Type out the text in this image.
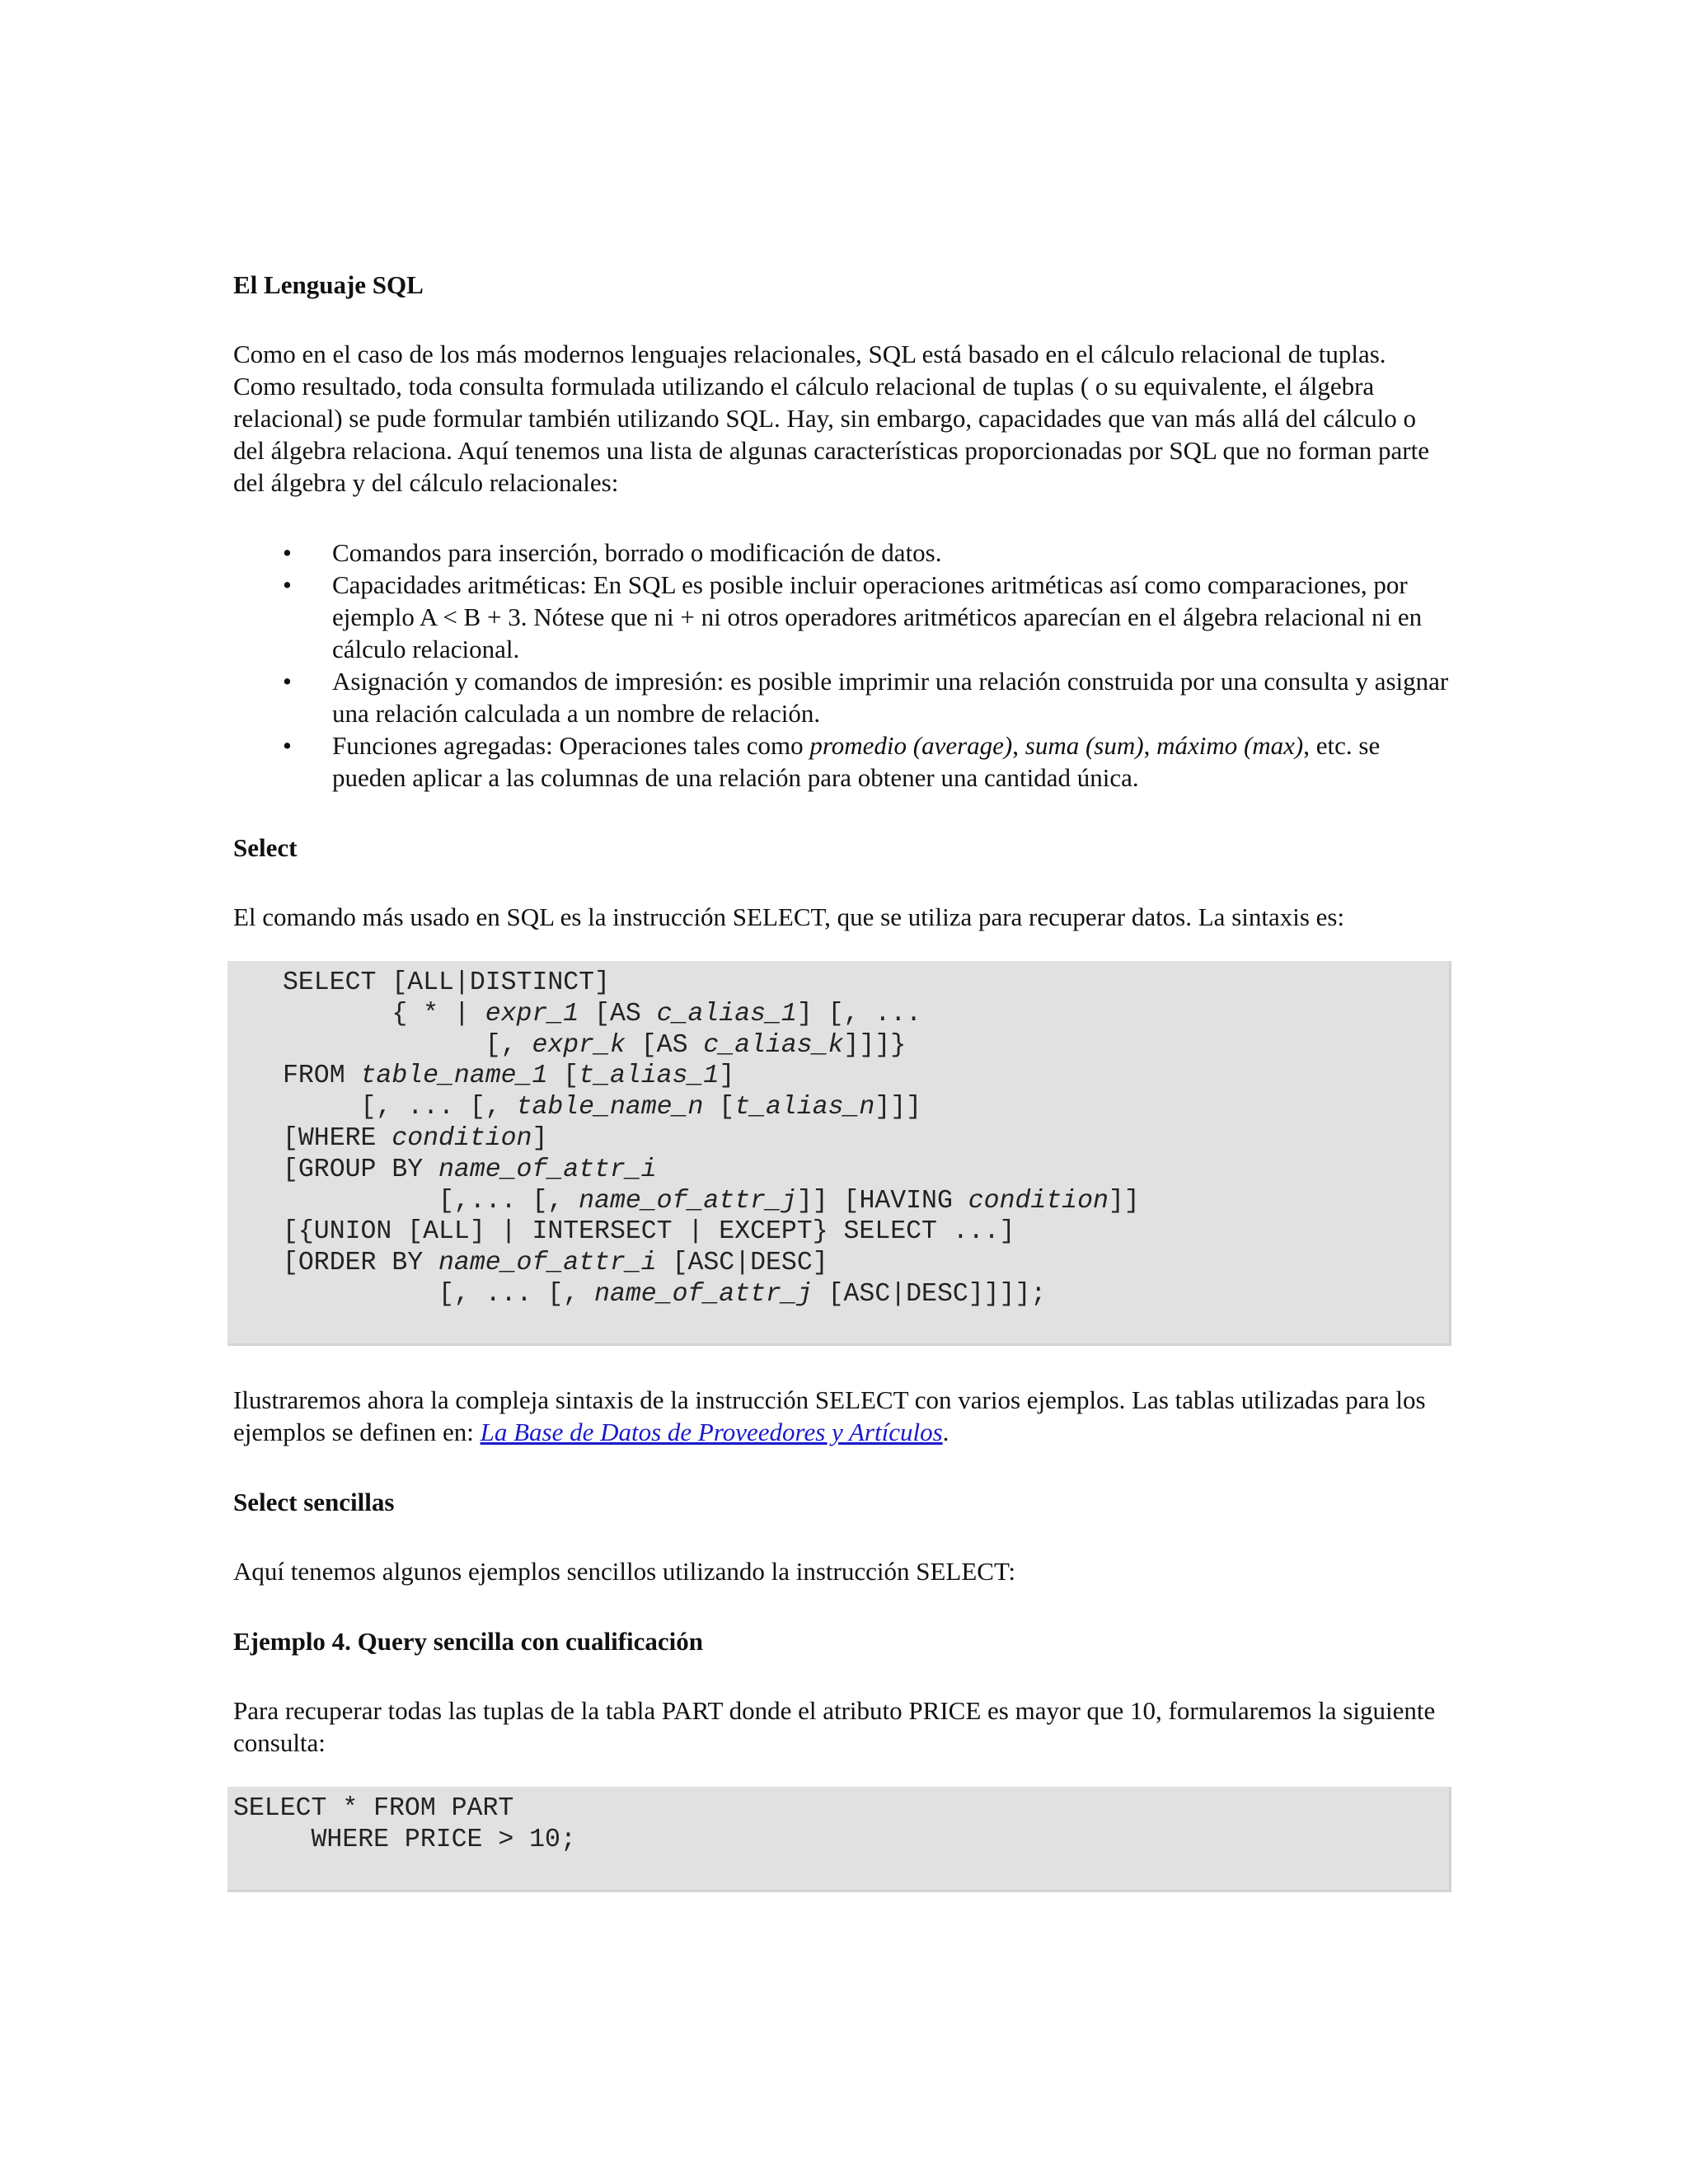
El Lenguaje SQL

Como en el caso de los más modernos lenguajes relacionales, SQL está basado en el cálculo relacional de tuplas. Como resultado, toda consulta formulada utilizando el cálculo relacional de tuplas ( o su equivalente, el álgebra relacional) se pude formular también utilizando SQL. Hay, sin embargo, capacidades que van más allá del cálculo o del álgebra relaciona. Aquí tenemos una lista de algunas características proporcionadas por SQL que no forman parte del álgebra y del cálculo relacionales:

• Comandos para inserción, borrado o modificación de datos.
• Capacidades aritméticas: En SQL es posible incluir operaciones aritméticas así como comparaciones, por ejemplo A < B + 3. Nótese que ni + ni otros operadores aritméticos aparecían en el álgebra relacional ni en cálculo relacional.
• Asignación y comandos de impresión: es posible imprimir una relación construida por una consulta y asignar una relación calculada a un nombre de relación.
• Funciones agregadas: Operaciones tales como promedio (average), suma (sum), máximo (max), etc. se pueden aplicar a las columnas de una relación para obtener una cantidad única.
Select

El comando más usado en SQL es la instrucción SELECT, que se utiliza para recuperar datos. La sintaxis es:

SELECT [ALL|DISTINCT]
{ * | expr_1 [AS c_alias_1] [, ...
[, expr_k [AS c_alias_k]]]}
FROM table_name_1 [t_alias_1]
[, ... [, table_name_n [t_alias_n]]]
[WHERE condition]
[GROUP BY name_of_attr_i
[,... [, name_of_attr_j]] [HAVING condition]]
[{UNION [ALL] | INTERSECT | EXCEPT} SELECT ...]
[ORDER BY name_of_attr_i [ASC|DESC]
[, ... [, name_of_attr_j [ASC|DESC]]]];

Ilustraremos ahora la compleja sintaxis de la instrucción SELECT con varios ejemplos. Las tablas utilizadas para los ejemplos se definen en: La Base de Datos de Proveedores y Artículos.

Select sencillas

Aquí tenemos algunos ejemplos sencillos utilizando la instrucción SELECT:

Ejemplo 4. Query sencilla con cualificación

Para recuperar todas las tuplas de la tabla PART donde el atributo PRICE es mayor que 10, formularemos la siguiente consulta:

SELECT * FROM PART
WHERE PRICE > 10;
